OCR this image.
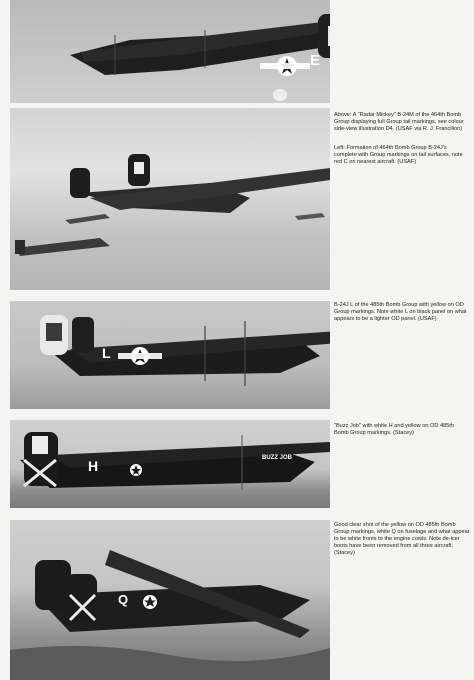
E
L
H	BUZZ JOB
Q

Above: A "Radar Mickey" B-24M of the 464th Bomb Group displaying full Group tail markings, see colour side-view illustration D4. (USAF via R. J. Francillon)

Left: Formation of 464th Bomb Group B-24J's complete with Group markings on tail surfaces, note red C on nearest aircraft. (USAF)

B-24J L of the 485th Bomb Group with yellow on OD Group markings. Note white L on black panel on what appears to be a lighter OD panel. (USAF)

"Buzz Job" with white H and yellow on OD 485th Bomb Group markings. (Stacey)

Good clear shot of the yellow on OD 485th Bomb Group markings, white Q on fuselage and what appear to be white fronts to the engine cowls. Note de-icer boots have been removed from all three aircraft. (Stacey)
